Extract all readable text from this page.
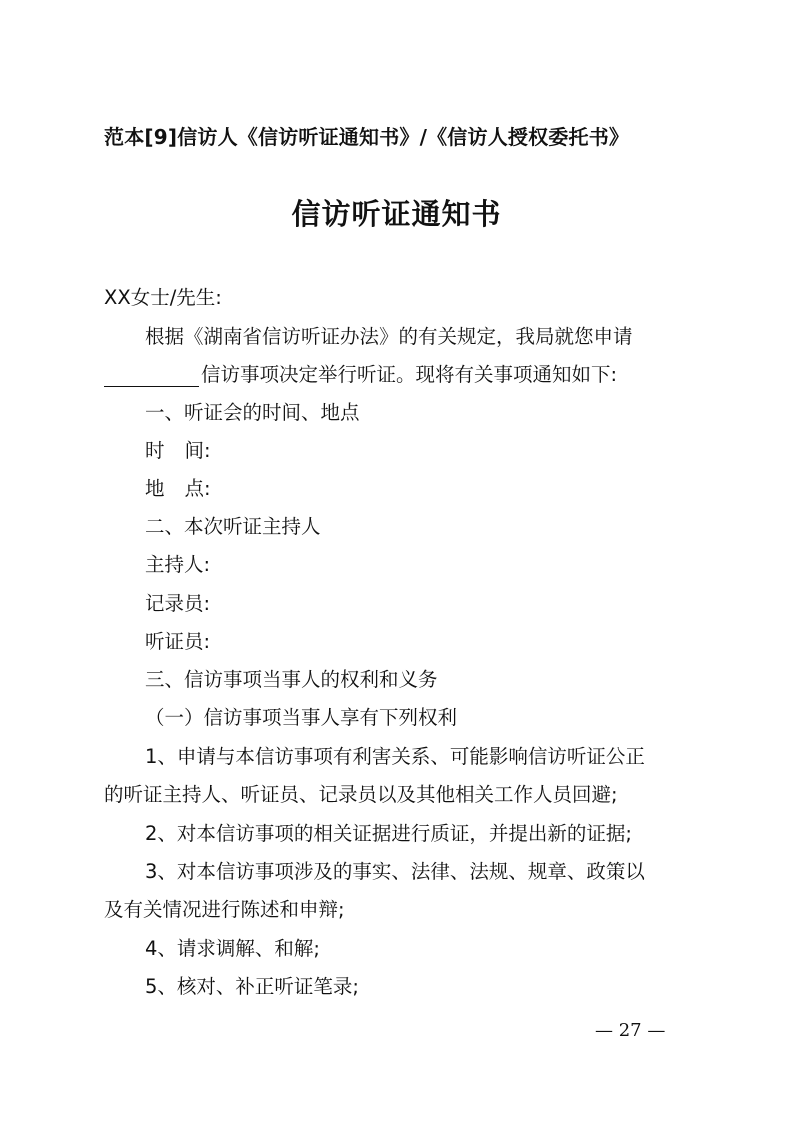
范本[9]信访人《信访听证通知书》/《信访人授权委托书》
信访听证通知书
XX女士/先生:
根据《湖南省信访听证办法》的有关规定，我局就您申请
信访事项决定举行听证。现将有关事项通知如下:
一、听证会的时间、地点
时 间:
地 点:
二、本次听证主持人
主持人:
记录员:
听证员:
三、信访事项当事人的权利和义务
（一）信访事项当事人享有下列权利
1、申请与本信访事项有利害关系、可能影响信访听证公正
的听证主持人、听证员、记录员以及其他相关工作人员回避;
2、对本信访事项的相关证据进行质证，并提出新的证据;
3、对本信访事项涉及的事实、法律、法规、规章、政策以
及有关情况进行陈述和申辩;
4、请求调解、和解;
5、核对、补正听证笔录;
— 27 —
